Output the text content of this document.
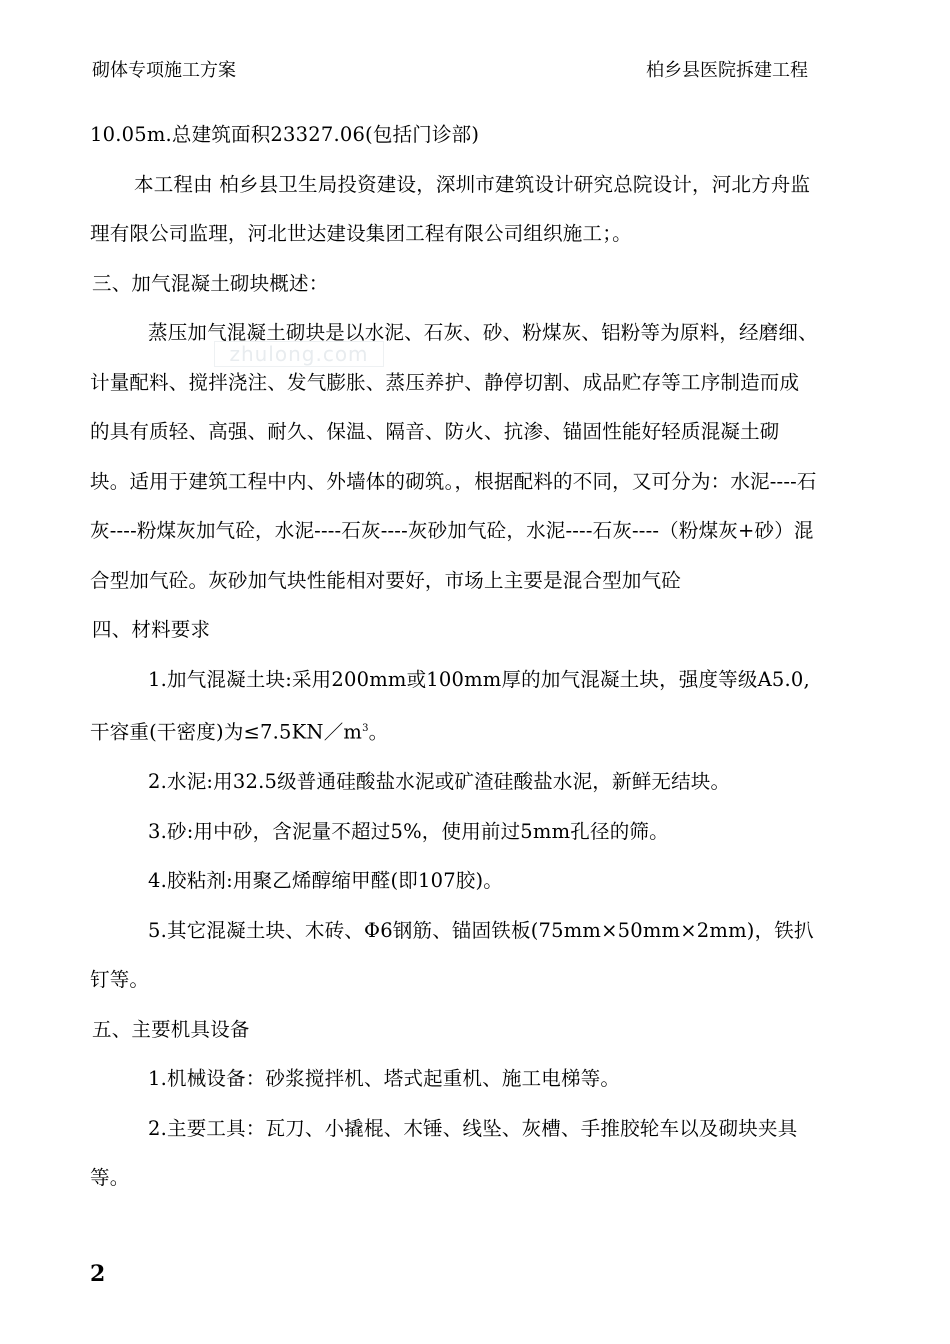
砌体专项施工方案	柏乡县医院拆建工程
zhulong.com

10.05m.总建筑面积23327.06(包括门诊部)

本工程由 柏乡县卫生局投资建设，深圳市建筑设计研究总院设计，河北方舟监理有限公司监理，河北世达建设集团工程有限公司组织施工；。

三、加气混凝土砌块概述：

蒸压加气混凝土砌块是以水泥、石灰、砂、粉煤灰、铝粉等为原料，经磨细、计量配料、搅拌浇注、发气膨胀、蒸压养护、静停切割、成品贮存等工序制造而成的具有质轻、高强、耐久、保温、隔音、防火、抗渗、锚固性能好轻质混凝土砌块。适用于建筑工程中内、外墙体的砌筑。，根据配料的不同，又可分为：水泥----石灰----粉煤灰加气砼，水泥----石灰----灰砂加气砼，水泥----石灰----（粉煤灰+砂）混合型加气砼。灰砂加气块性能相对要好，市场上主要是混合型加气砼

四、材料要求

1.加气混凝土块:采用200mm或100mm厚的加气混凝土块，强度等级A5.0,干容重(干密度)为$\le 7.5KN/m^3$。

2.水泥:用32.5级普通硅酸盐水泥或矿渣硅酸盐水泥，新鲜无结块。

3.砂:用中砂，含泥量不超过5%，使用前过5mm孔径的筛。

4.胶粘剂:用聚乙烯醇缩甲醛(即107胶)。

5.其它混凝土块、木砖、Φ6钢筋、锚固铁板(75mm×50mm×2mm)，铁扒钉等。

五、主要机具设备

1.机械设备：砂浆搅拌机、塔式起重机、施工电梯等。

2.主要工具：瓦刀、小撬棍、木锤、线坠、灰槽、手推胶轮车以及砌块夹具等。

2
